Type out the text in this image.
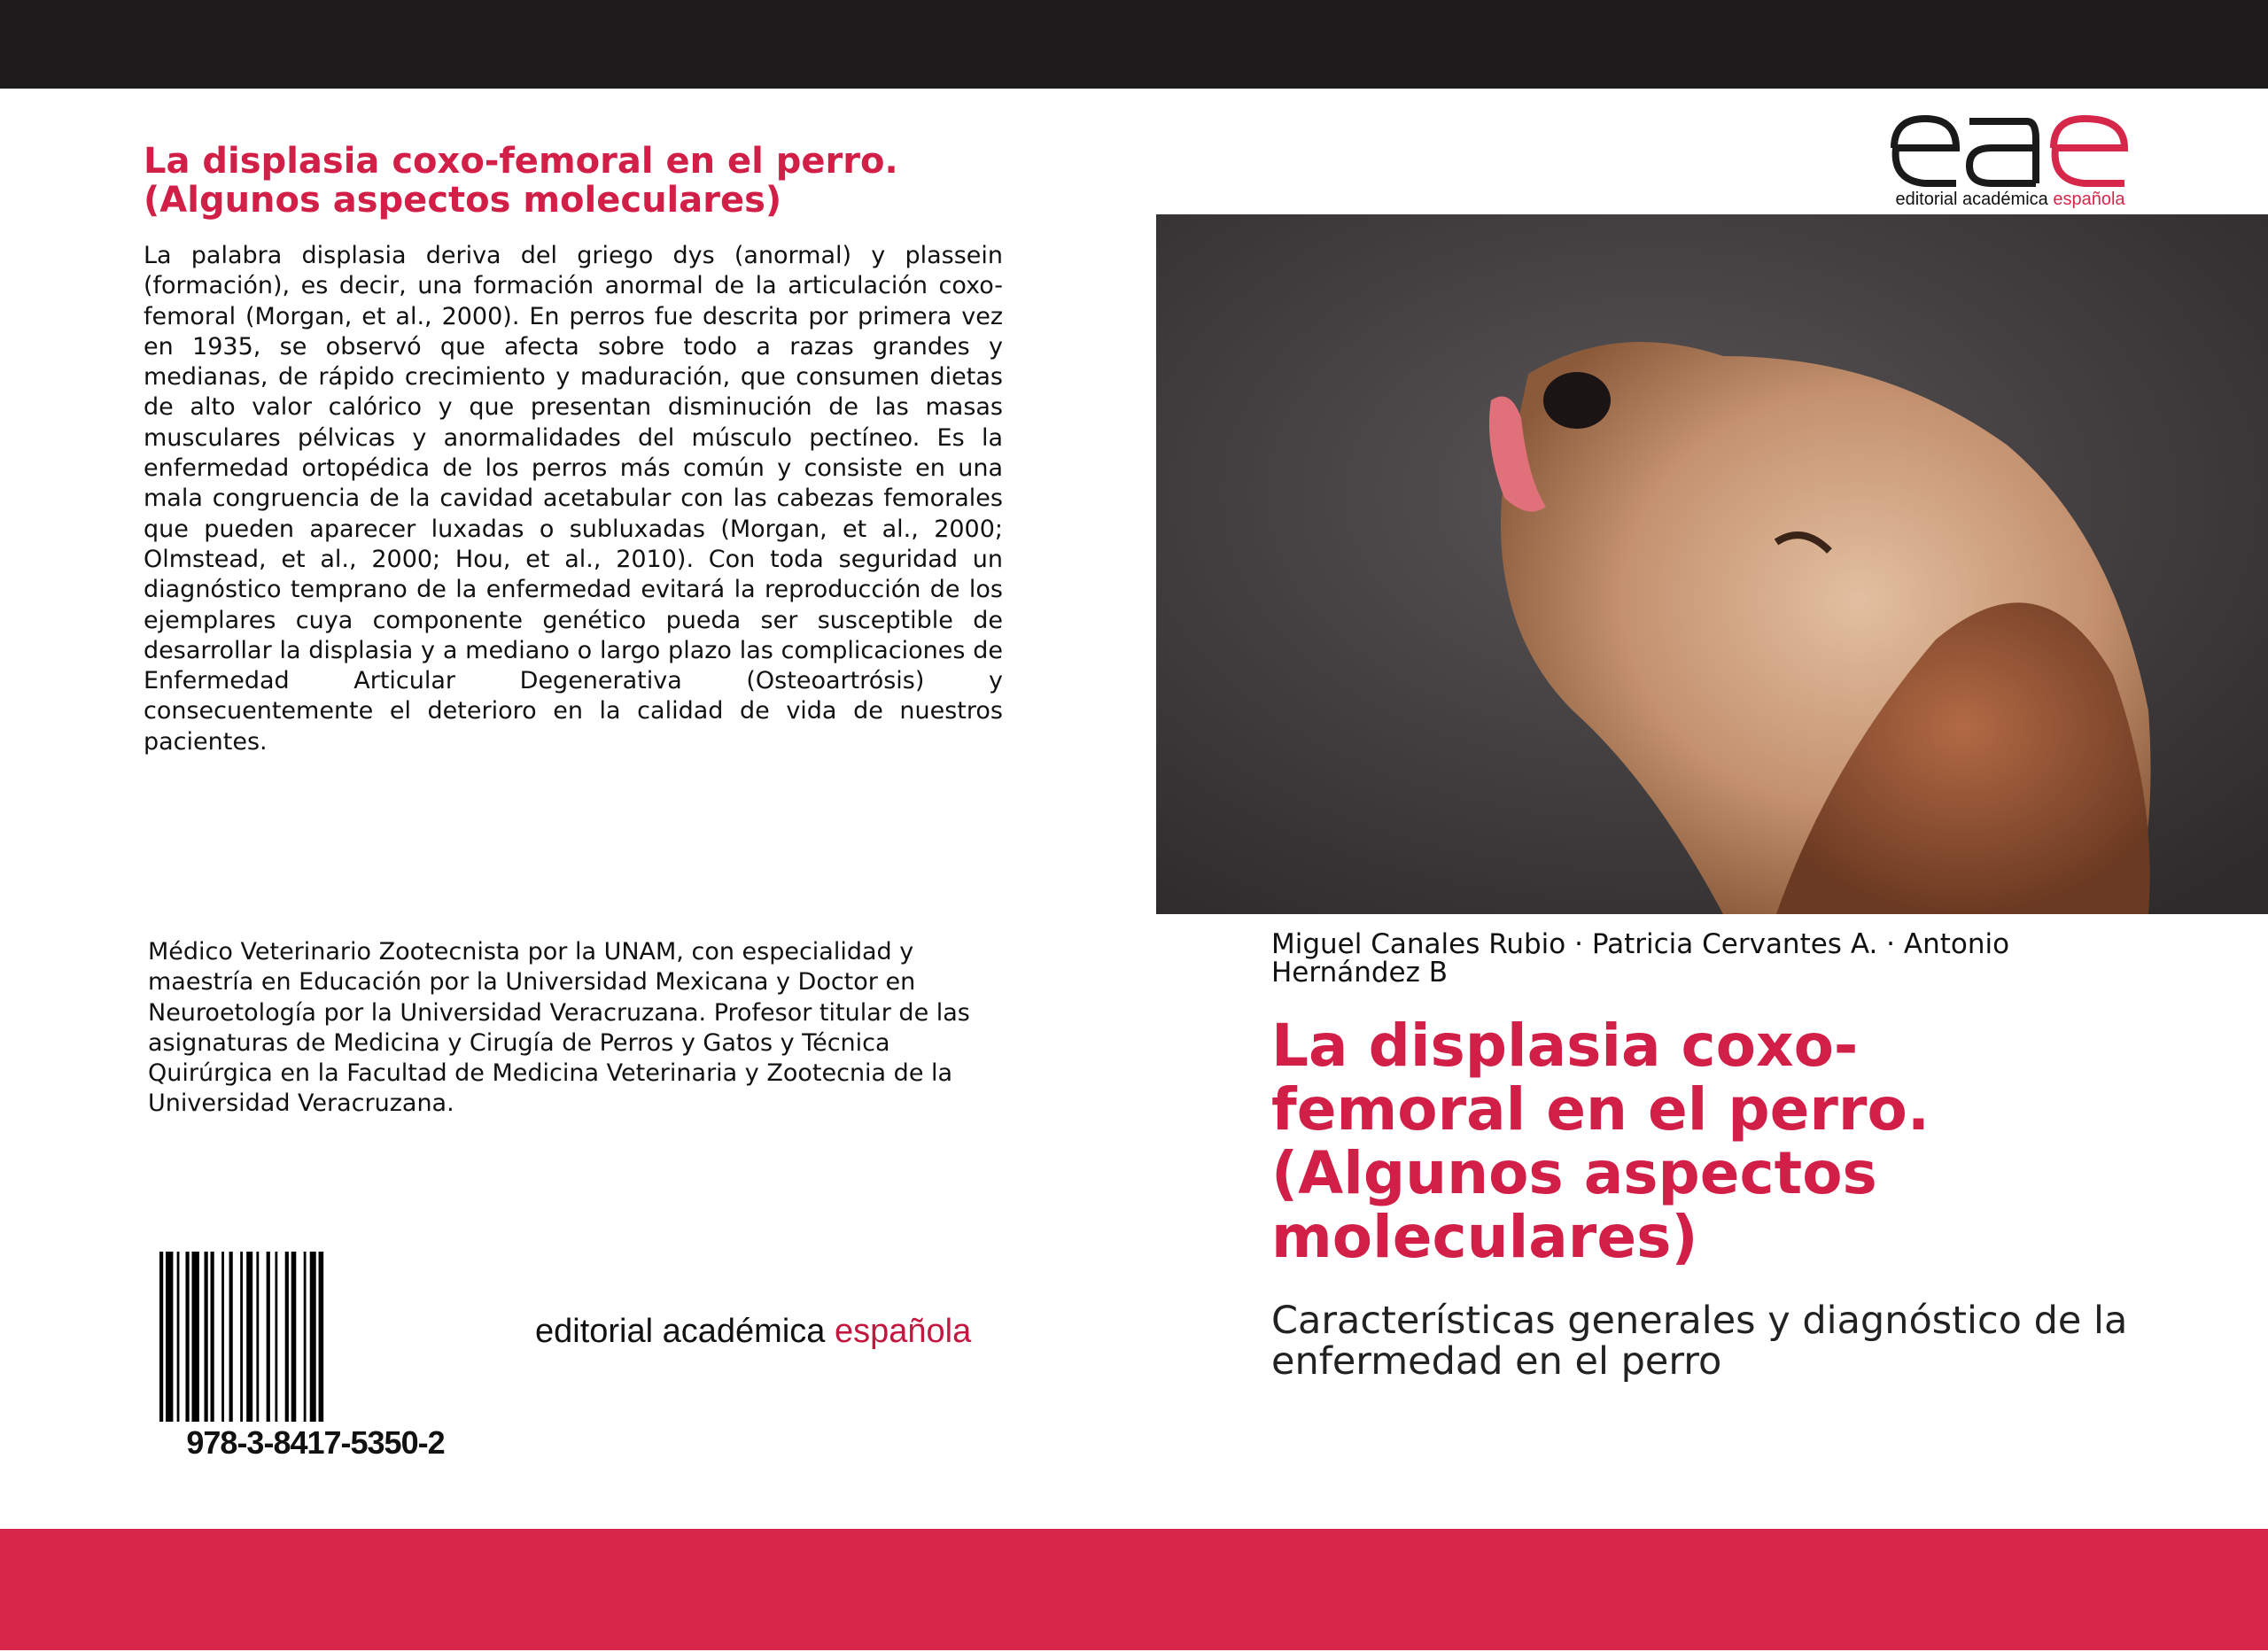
La displasia coxo-femoral en el perro. (Algunos aspectos moleculares)
La palabra displasia deriva del griego dys (anormal) y plassein (formación), es decir, una formación anormal de la articulación coxo-femoral (Morgan, et al., 2000). En perros fue descrita por primera vez en 1935, se observó que afecta sobre todo a razas grandes y medianas, de rápido crecimiento y maduración, que consumen dietas de alto valor calórico y que presentan disminución de las masas musculares pélvicas y anormalidades del músculo pectíneo. Es la enfermedad ortopédica de los perros más común y consiste en una mala congruencia de la cavidad acetabular con las cabezas femorales que pueden aparecer luxadas o subluxadas (Morgan, et al., 2000; Olmstead, et al., 2000; Hou, et al., 2010). Con toda seguridad un diagnóstico temprano de la enfermedad evitará la reproducción de los ejemplares cuya componente genético pueda ser susceptible de desarrollar la displasia y a mediano o largo plazo las complicaciones de Enfermedad Articular Degenerativa (Osteoartrósis) y consecuentemente el deterioro en la calidad de vida de nuestros pacientes.
Médico Veterinario Zootecnista por la UNAM, con especialidad y maestría en Educación por la Universidad Mexicana y Doctor en Neuroetología por la Universidad Veracruzana. Profesor titular de las asignaturas de Medicina y Cirugía de Perros y Gatos y Técnica Quirúrgica en la Facultad de Medicina Veterinaria y Zootecnia de la Universidad Veracruzana.
978-3-8417-5350-2
editorial académica española
editorial académica española
Miguel Canales Rubio · Patricia Cervantes A. · Antonio Hernández B
La displasia coxo-femoral en el perro. (Algunos aspectos moleculares)
Características generales y diagnóstico de la enfermedad en el perro
